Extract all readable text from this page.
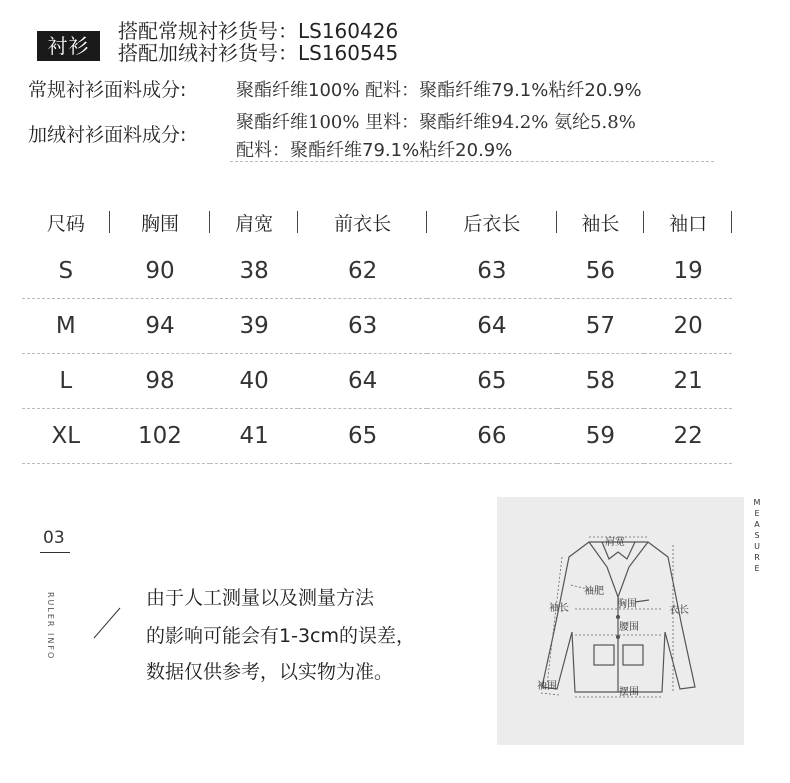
衬衫
搭配常规衬衫货号：LS160426
搭配加绒衬衫货号：LS160545
常规衬衫面料成分:	聚酯纤维100% 配料：聚酯纤维79.1%粘纤20.9%
加绒衬衫面料成分:
聚酯纤维100% 里料：聚酯纤维94.2% 氨纶5.8%
配料：聚酯纤维79.1%粘纤20.9%
尺码	胸围	肩宽	前衣长	后衣长	袖长	袖口

S	90	38	62	63	56	19
M	94	39	63	64	57	20
L	98	40	64	65	58	21
XL	102	41	65	66	59	22
03
RULER INFO	由于人工测量以及测量方法
的影响可能会有1-3cm的误差，
数据仅供参考，以实物为准。
肩宽
袖肥
胸围
袖长	衣长
腰围
袖围
摆围
MEASURE
